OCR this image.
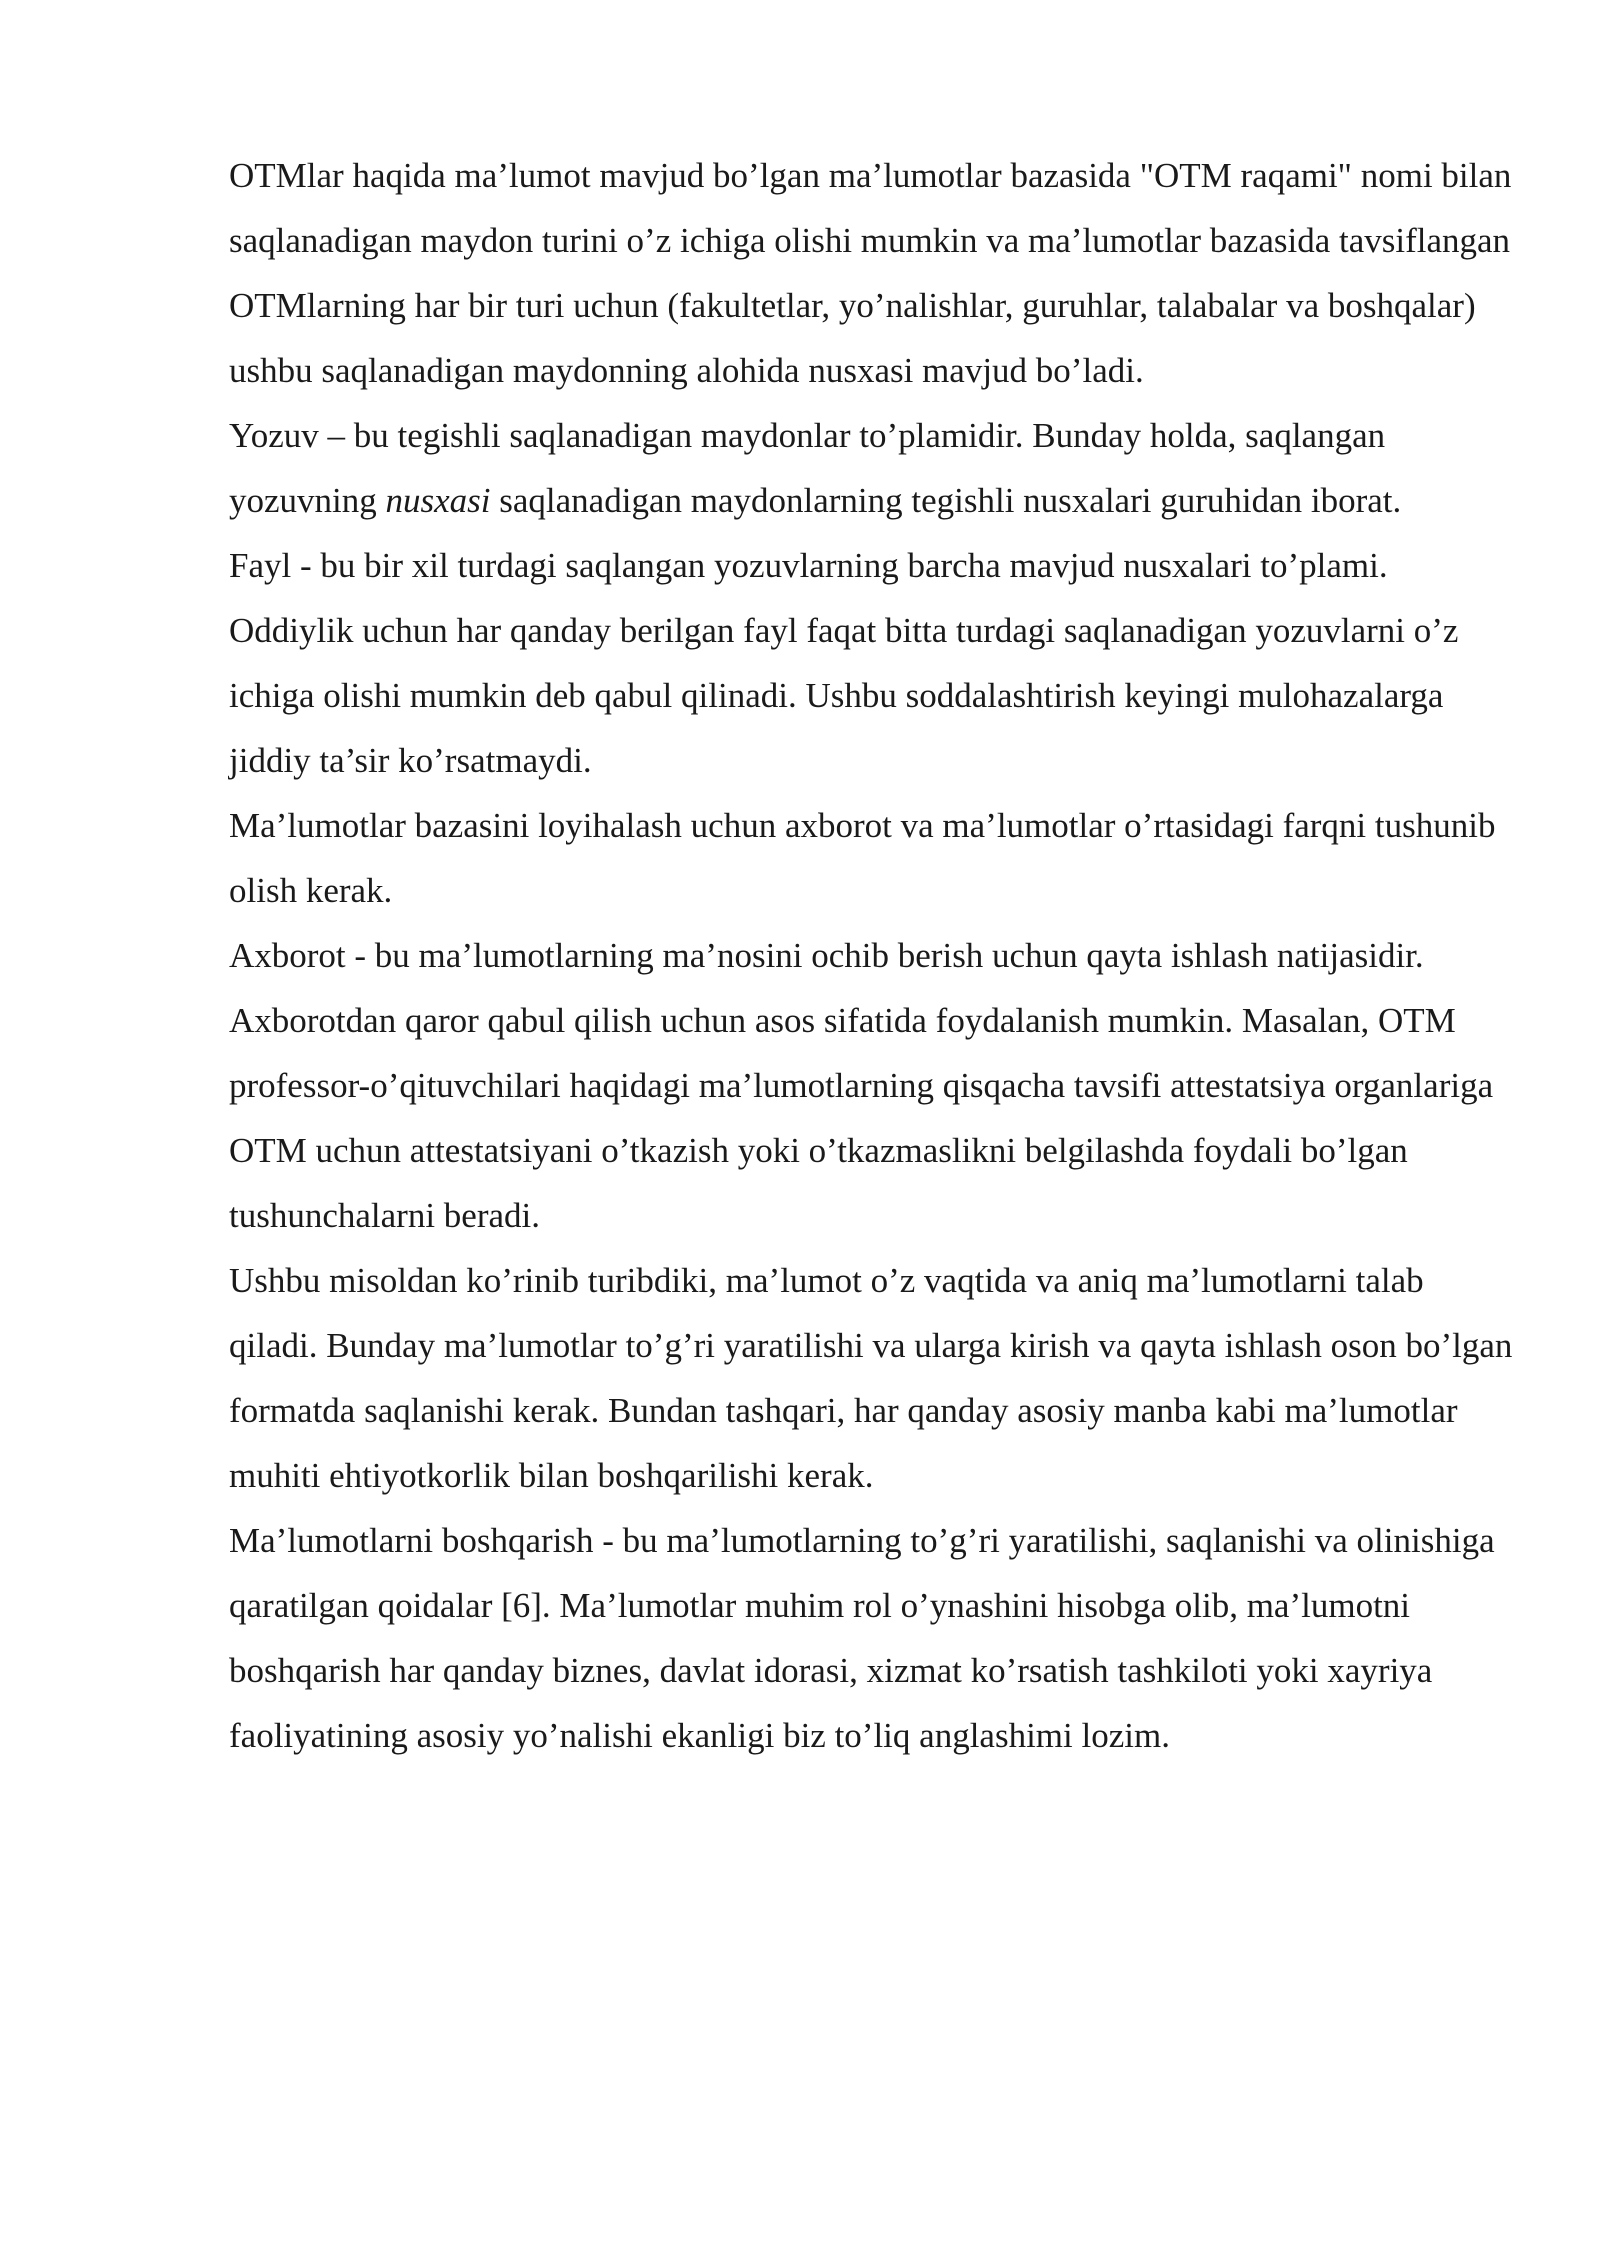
OTMlar haqida ma’lumot mavjud bo’lgan ma’lumotlar bazasida "OTM raqami" nomi bilan saqlanadigan maydon turini o’z ichiga olishi mumkin va ma’lumotlar bazasida tavsiflangan OTMlarning har bir turi uchun (fakultetlar, yo’nalishlar, guruhlar, talabalar va boshqalar) ushbu saqlanadigan maydonning alohida nusxasi mavjud bo’ladi.

Yozuv – bu tegishli saqlanadigan maydonlar to’plamidir. Bunday holda, saqlangan yozuvning nusxasi saqlanadigan maydonlarning tegishli nusxalari guruhidan iborat.

Fayl - bu bir xil turdagi saqlangan yozuvlarning barcha mavjud nusxalari to’plami. Oddiylik uchun har qanday berilgan fayl faqat bitta turdagi saqlanadigan yozuvlarni o’z ichiga olishi mumkin deb qabul qilinadi. Ushbu soddalashtirish keyingi mulohazalarga jiddiy ta’sir ko’rsatmaydi.

Ma’lumotlar bazasini loyihalash uchun axborot va ma’lumotlar o’rtasidagi farqni tushunib olish kerak.

Axborot - bu ma’lumotlarning ma’nosini ochib berish uchun qayta ishlash natijasidir. Axborotdan qaror qabul qilish uchun asos sifatida foydalanish mumkin. Masalan, OTM professor-o’qituvchilari haqidagi ma’lumotlarning qisqacha tavsifi attestatsiya organlariga OTM uchun attestatsiyani o’tkazish yoki o’tkazmaslikni belgilashda foydali bo’lgan tushunchalarni beradi.

Ushbu misoldan ko’rinib turibdiki, ma’lumot o’z vaqtida va aniq ma’lumotlarni talab qiladi. Bunday ma’lumotlar to’g’ri yaratilishi va ularga kirish va qayta ishlash oson bo’lgan formatda saqlanishi kerak. Bundan tashqari, har qanday asosiy manba kabi ma’lumotlar muhiti ehtiyotkorlik bilan boshqarilishi kerak.

Ma’lumotlarni boshqarish - bu ma’lumotlarning to’g’ri yaratilishi, saqlanishi va olinishiga qaratilgan qoidalar [6]. Ma’lumotlar muhim rol o’ynashini hisobga olib, ma’lumotni boshqarish har qanday biznes, davlat idorasi, xizmat ko’rsatish tashkiloti yoki xayriya faoliyatining asosiy yo’nalishi ekanligi biz to’liq anglashimi lozim.
